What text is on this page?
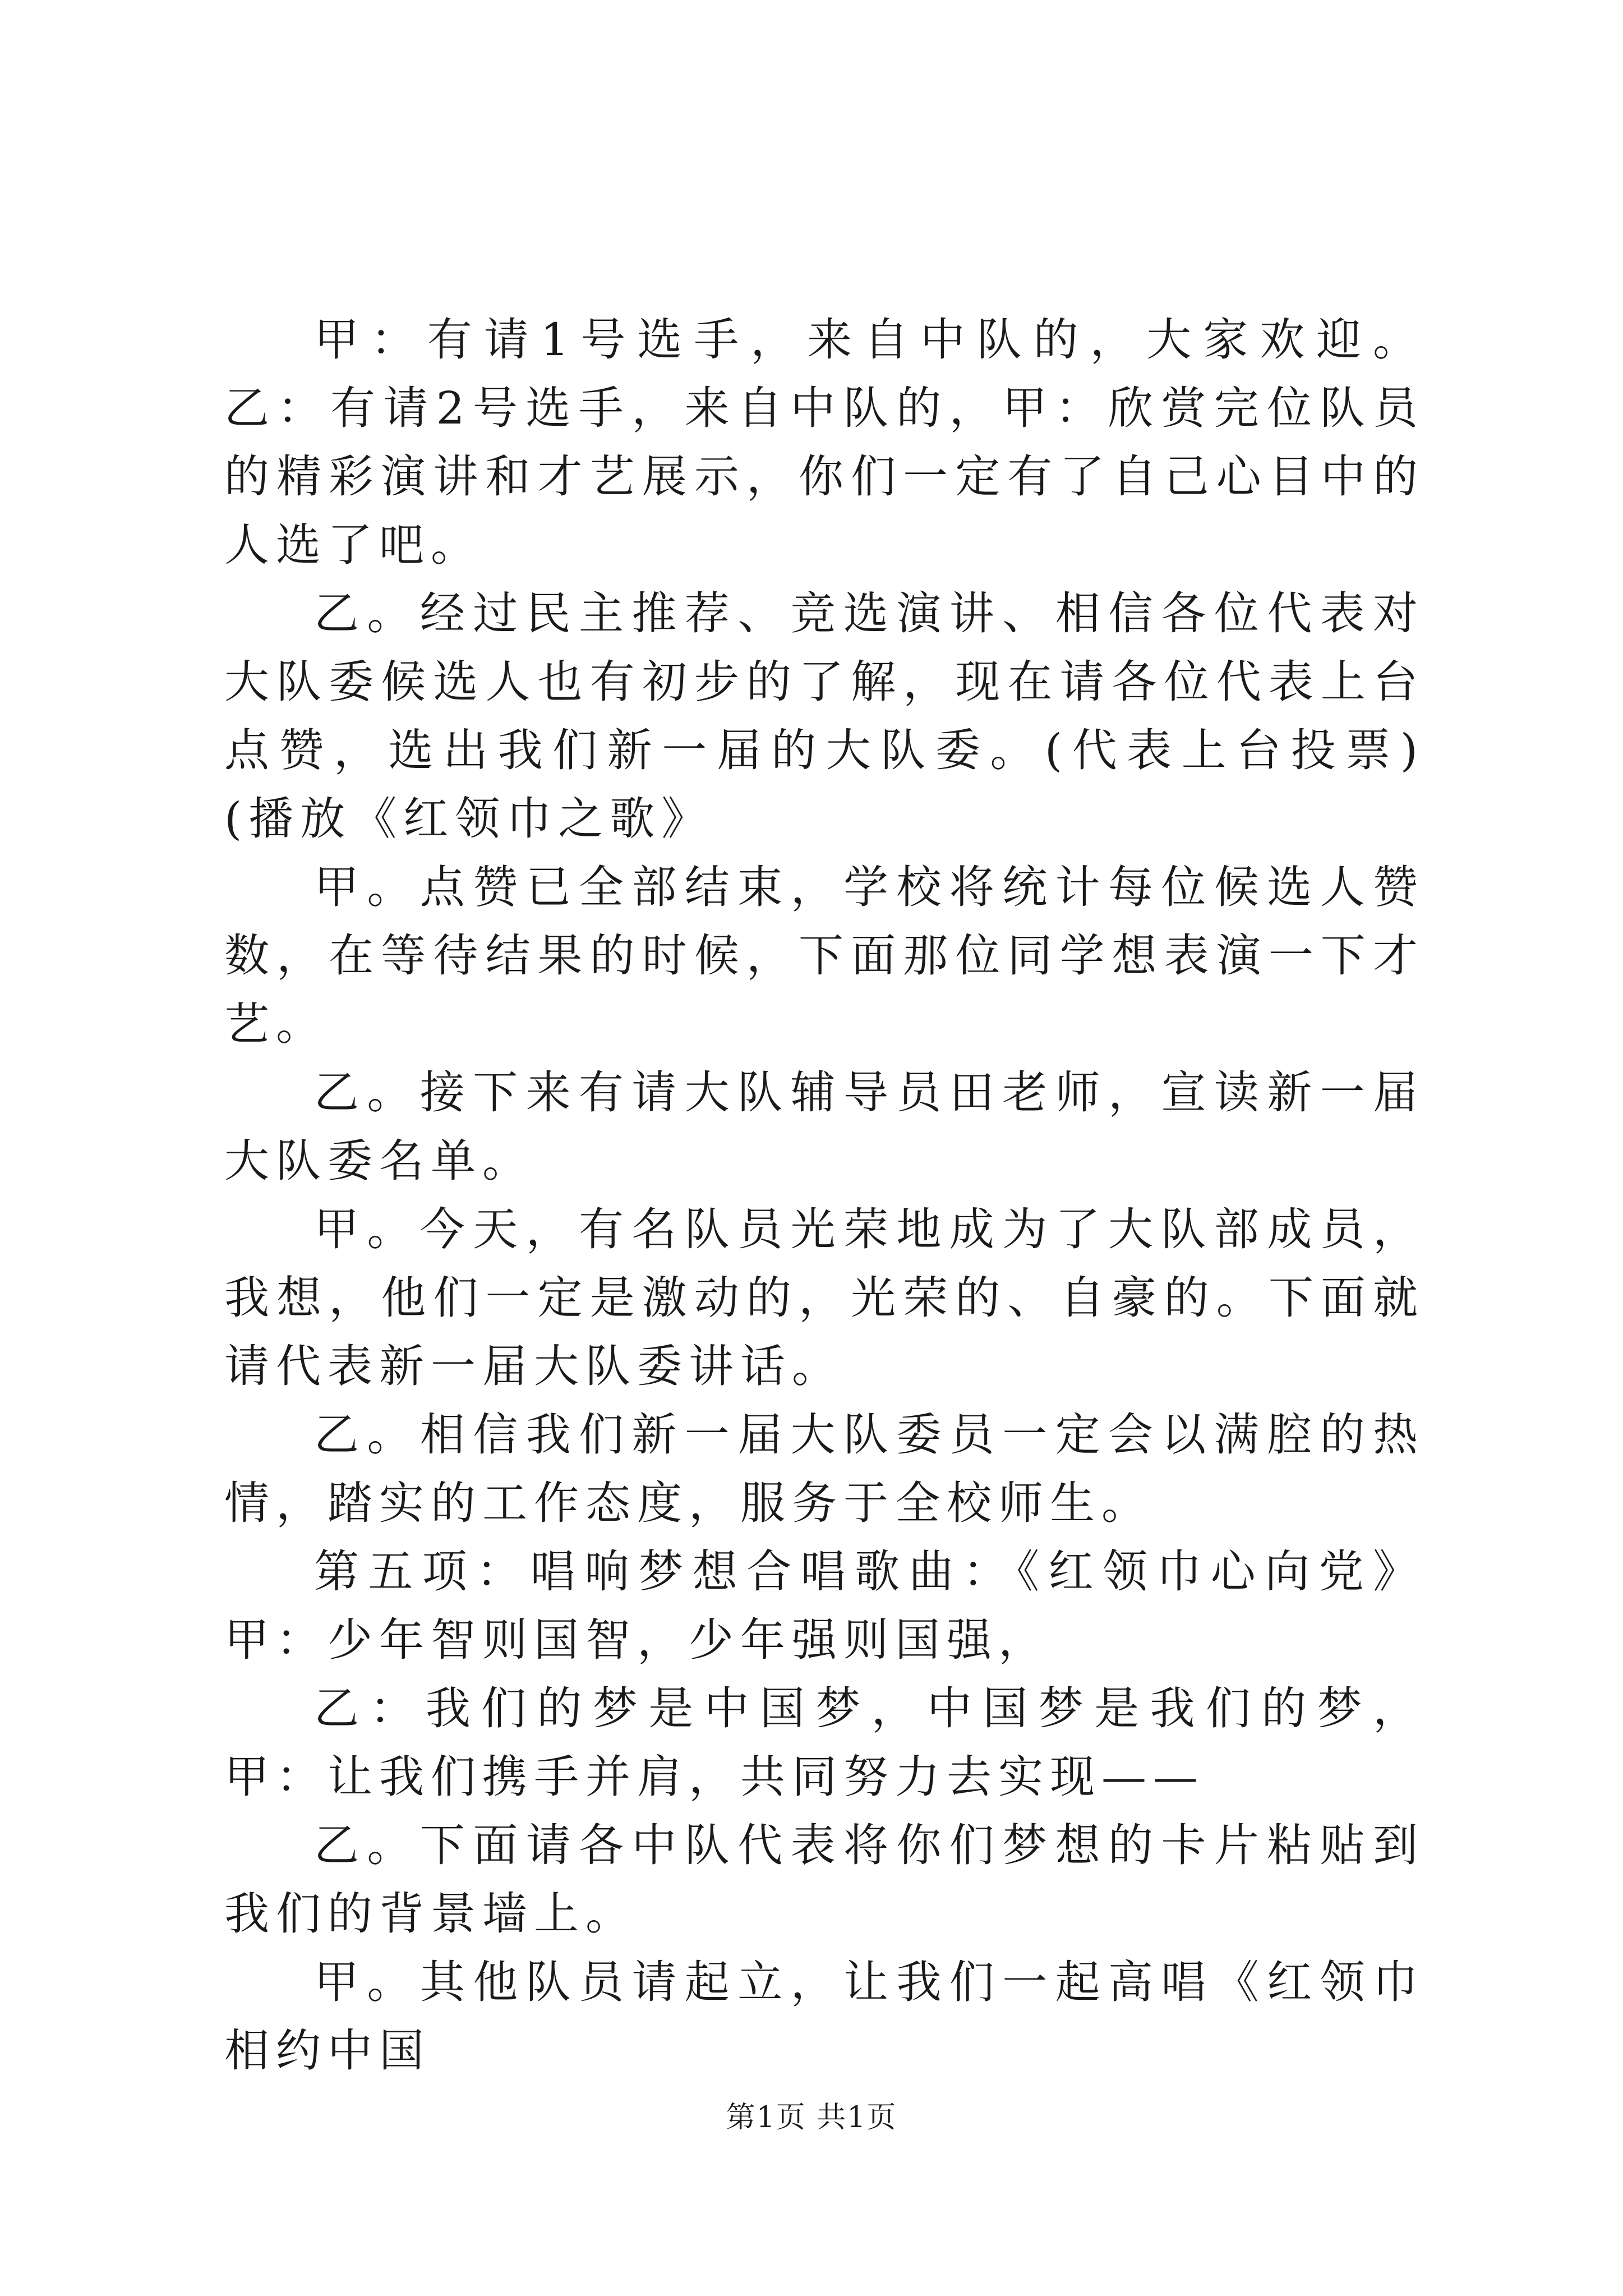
甲：有请1号选手，来自中队的，大家欢迎。乙：有请2号选手，来自中队的，甲：欣赏完位队员的精彩演讲和才艺展示，你们一定有了自己心目中的人选了吧。

乙。经过民主推荐、竞选演讲、相信各位代表对大队委候选人也有初步的了解，现在请各位代表上台点赞，选出我们新一届的大队委。(代表上台投票)(播放《红领巾之歌》

甲。点赞已全部结束，学校将统计每位候选人赞数，在等待结果的时候，下面那位同学想表演一下才艺。

乙。接下来有请大队辅导员田老师，宣读新一届大队委名单。

甲。今天，有名队员光荣地成为了大队部成员，我想，他们一定是激动的，光荣的、自豪的。下面就请代表新一届大队委讲话。

乙。相信我们新一届大队委员一定会以满腔的热情，踏实的工作态度，服务于全校师生。

第五项：唱响梦想合唱歌曲：《红领巾心向党》甲：少年智则国智，少年强则国强，

乙：我们的梦是中国梦，中国梦是我们的梦，甲：让我们携手并肩，共同努力去实现——

乙。下面请各中队代表将你们梦想的卡片粘贴到我们的背景墙上。

甲。其他队员请起立，让我们一起高唱《红领巾相约中国

第1页 共1页
